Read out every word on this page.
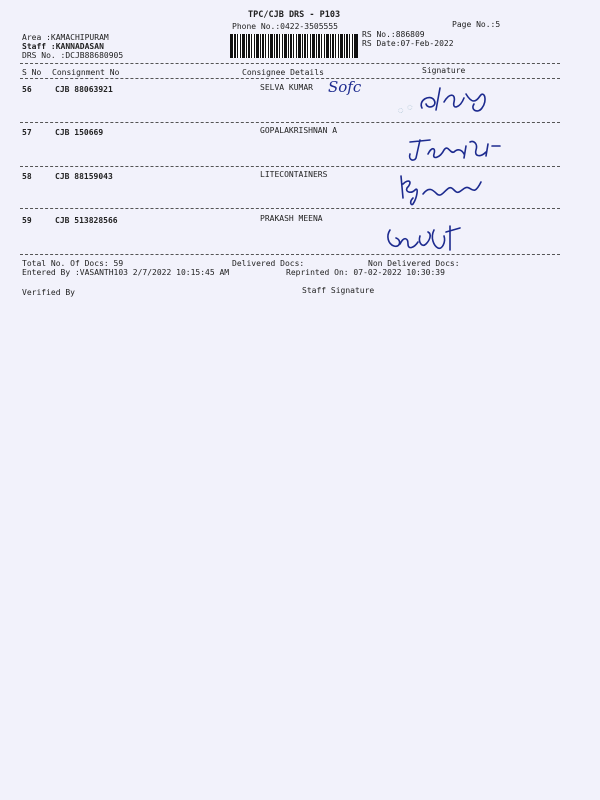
TPC/CJB DRS - P103
Phone No.:0422-3505555	Page No.:5
Area :KAMACHIPURAM
Staff :KANNADASAN
DRS No. :DCJB88680905
RS No.:886809
RS Date:07-Feb-2022
S No Consignment No	Consignee Details	Signature
56	CJB 88063921	SELVA KUMAR Sofc
◌ ◌
57	CJB 150669	GOPALAKRISHNAN A
58	CJB 88159043	LITECONTAINERS
59	CJB 513828566	PRAKASH MEENA
Total No. Of Docs: 59	Delivered Docs:	Non Delivered Docs:
Entered By :VASANTH103 2/7/2022 10:15:45 AM	Reprinted On: 07-02-2022 10:30:39
Verified By	Staff Signature
